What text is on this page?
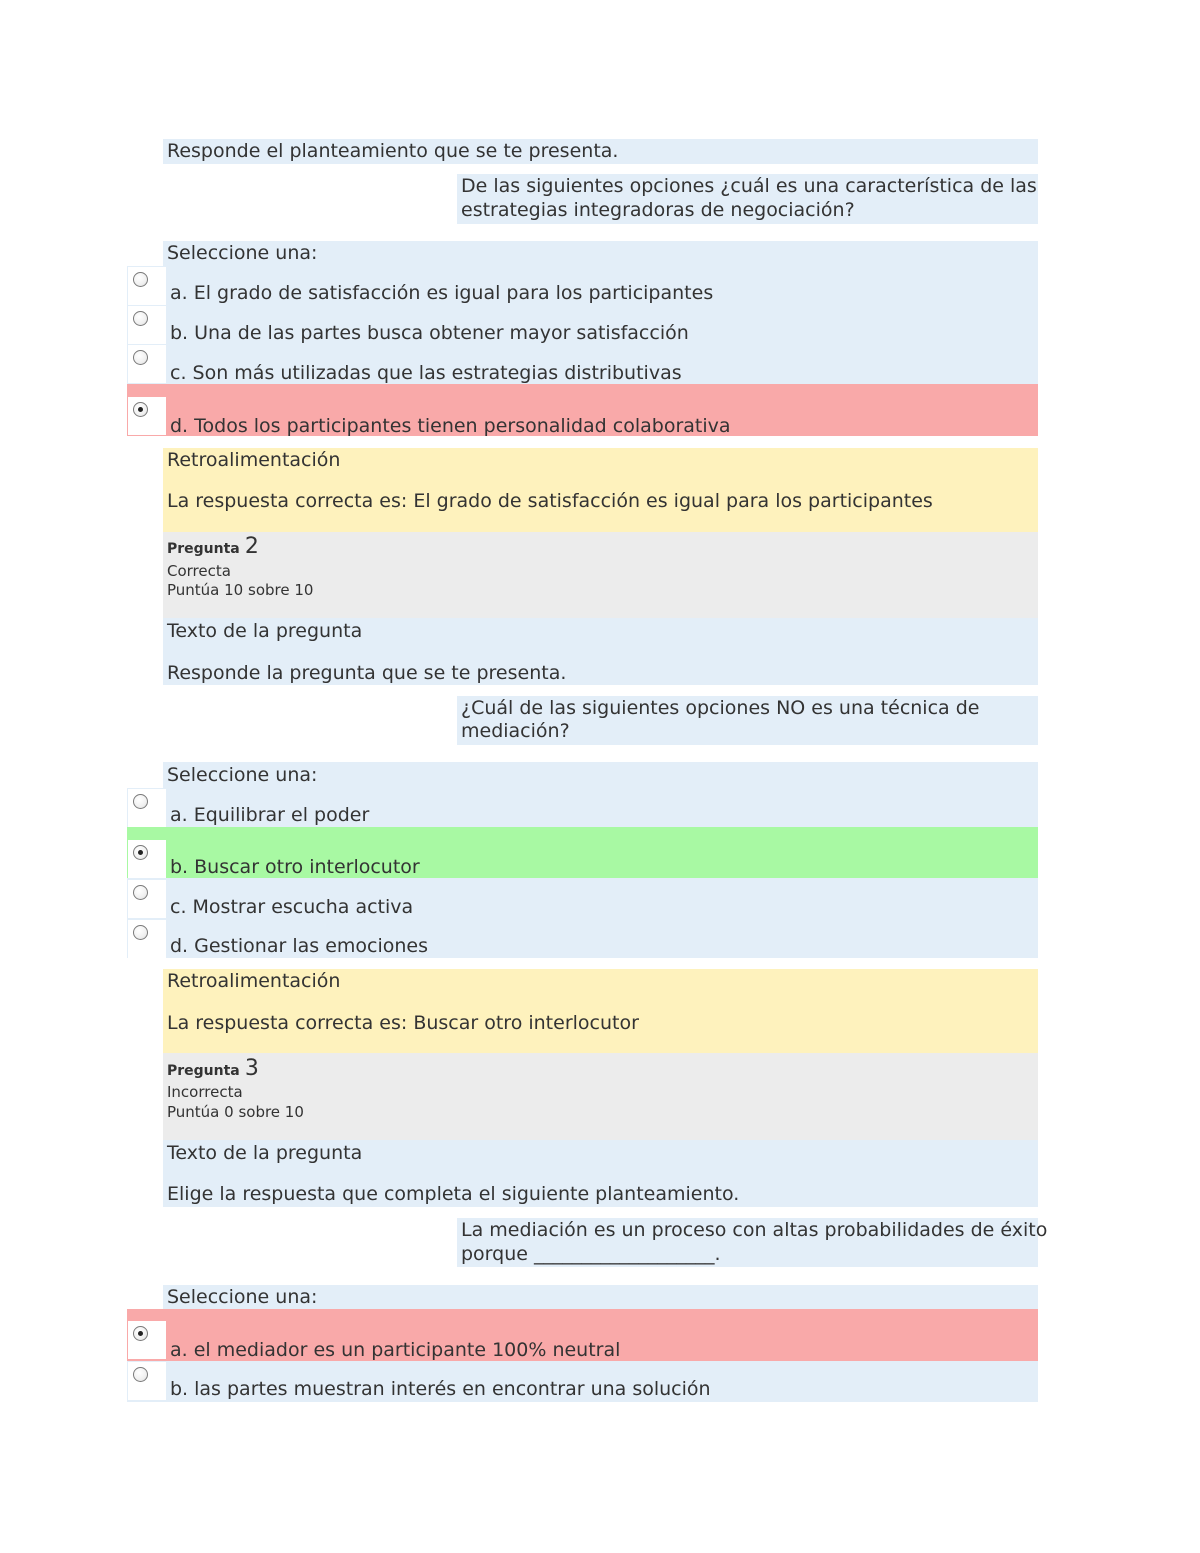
Responde el planteamiento que se te presenta.
De las siguientes opciones ¿cuál es una característica de las
estrategias integradoras de negociación?
Seleccione una:
a. El grado de satisfacción es igual para los participantes
b. Una de las partes busca obtener mayor satisfacción
c. Son más utilizadas que las estrategias distributivas
d. Todos los participantes tienen personalidad colaborativa
Retroalimentación
La respuesta correcta es: El grado de satisfacción es igual para los participantes
Pregunta 2
Correcta
Puntúa 10 sobre 10
Texto de la pregunta
Responde la pregunta que se te presenta.
¿Cuál de las siguientes opciones NO es una técnica de
mediación?
Seleccione una:
a. Equilibrar el poder
b. Buscar otro interlocutor
c. Mostrar escucha activa
d. Gestionar las emociones
Retroalimentación
La respuesta correcta es: Buscar otro interlocutor
Pregunta 3
Incorrecta
Puntúa 0 sobre 10
Texto de la pregunta
Elige la respuesta que completa el siguiente planteamiento.
La mediación es un proceso con altas probabilidades de éxito
porque ___________________.
Seleccione una:
a. el mediador es un participante 100% neutral
b. las partes muestran interés en encontrar una solución
